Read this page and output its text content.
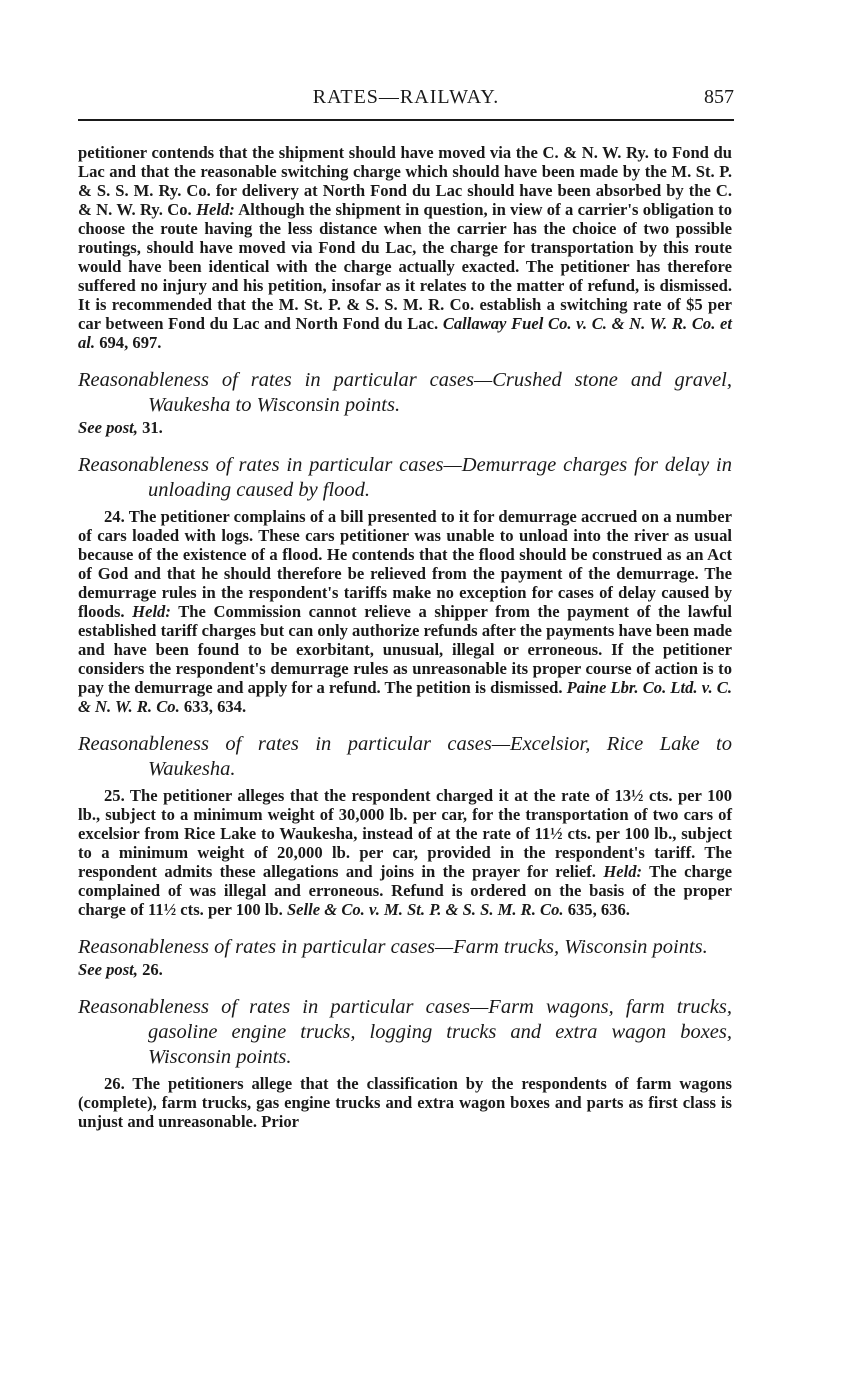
RATES—RAILWAY.	857

petitioner contends that the shipment should have moved via the C. & N. W. Ry. to Fond du Lac and that the reasonable switching charge which should have been made by the M. St. P. & S. S. M. Ry. Co. for delivery at North Fond du Lac should have been absorbed by the C. & N. W. Ry. Co. Held: Although the shipment in question, in view of a carrier's obligation to choose the route having the less distance when the carrier has the choice of two possible routings, should have moved via Fond du Lac, the charge for transportation by this route would have been identical with the charge actually exacted. The petitioner has therefore suffered no injury and his petition, insofar as it relates to the matter of refund, is dismissed. It is recommended that the M. St. P. & S. S. M. R. Co. establish a switching rate of $5 per car between Fond du Lac and North Fond du Lac. Callaway Fuel Co. v. C. & N. W. R. Co. et al. 694, 697.

Reasonableness of rates in particular cases—Crushed stone and gravel, Waukesha to Wisconsin points.

See post, 31.

Reasonableness of rates in particular cases—Demurrage charges for delay in unloading caused by flood.

24. The petitioner complains of a bill presented to it for demurrage accrued on a number of cars loaded with logs. These cars petitioner was unable to unload into the river as usual because of the existence of a flood. He contends that the flood should be construed as an Act of God and that he should therefore be relieved from the payment of the demurrage. The demurrage rules in the respondent's tariffs make no exception for cases of delay caused by floods. Held: The Commission cannot relieve a shipper from the payment of the lawful established tariff charges but can only authorize refunds after the payments have been made and have been found to be exorbitant, unusual, illegal or erroneous. If the petitioner considers the respondent's demurrage rules as unreasonable its proper course of action is to pay the demurrage and apply for a refund. The petition is dismissed. Paine Lbr. Co. Ltd. v. C. & N. W. R. Co. 633, 634.

Reasonableness of rates in particular cases—Excelsior, Rice Lake to Waukesha.

25. The petitioner alleges that the respondent charged it at the rate of 13½ cts. per 100 lb., subject to a minimum weight of 30,000 lb. per car, for the transportation of two cars of excelsior from Rice Lake to Waukesha, instead of at the rate of 11½ cts. per 100 lb., subject to a minimum weight of 20,000 lb. per car, provided in the respondent's tariff. The respondent admits these allegations and joins in the prayer for relief. Held: The charge complained of was illegal and erroneous. Refund is ordered on the basis of the proper charge of 11½ cts. per 100 lb. Selle & Co. v. M. St. P. & S. S. M. R. Co. 635, 636.

Reasonableness of rates in particular cases—Farm trucks, Wisconsin points.

See post, 26.

Reasonableness of rates in particular cases—Farm wagons, farm trucks, gasoline engine trucks, logging trucks and extra wagon boxes, Wisconsin points.

26. The petitioners allege that the classification by the respondents of farm wagons (complete), farm trucks, gas engine trucks and extra wagon boxes and parts as first class is unjust and unreasonable. Prior
